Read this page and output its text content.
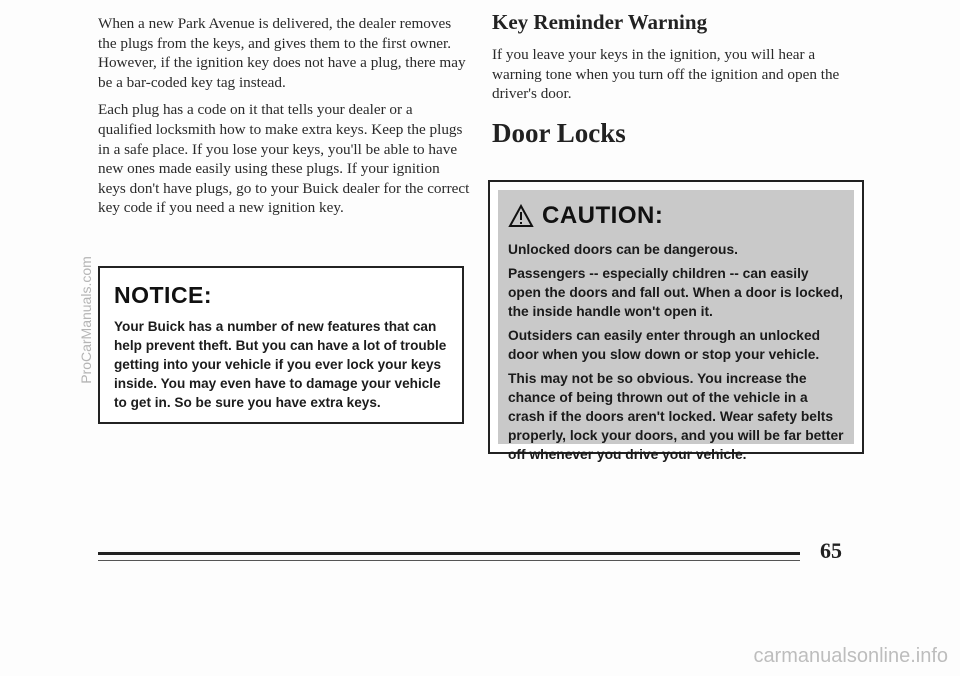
When a new Park Avenue is delivered, the dealer removes the plugs from the keys, and gives them to the first owner. However, if the ignition key does not have a plug, there may be a bar-coded key tag instead.

Each plug has a code on it that tells your dealer or a qualified locksmith how to make extra keys. Keep the plugs in a safe place. If you lose your keys, you'll be able to have new ones made easily using these plugs. If your ignition keys don't have plugs, go to your Buick dealer for the correct key code if you need a new ignition key.

NOTICE:

Your Buick has a number of new features that can help prevent theft. But you can have a lot of trouble getting into your vehicle if you ever lock your keys inside. You may even have to damage your vehicle to get in. So be sure you have extra keys.

Key Reminder Warning

If you leave your keys in the ignition, you will hear a warning tone when you turn off the ignition and open the driver's door.

Door Locks
CAUTION:

Unlocked doors can be dangerous.

Passengers -- especially children -- can easily open the doors and fall out. When a door is locked, the inside handle won't open it.

Outsiders can easily enter through an unlocked door when you slow down or stop your vehicle.

This may not be so obvious. You increase the chance of being thrown out of the vehicle in a crash if the doors aren't locked. Wear safety belts properly, lock your doors, and you will be far better off whenever you drive your vehicle.

ProCarManuals.com
65
carmanualsonline.info
